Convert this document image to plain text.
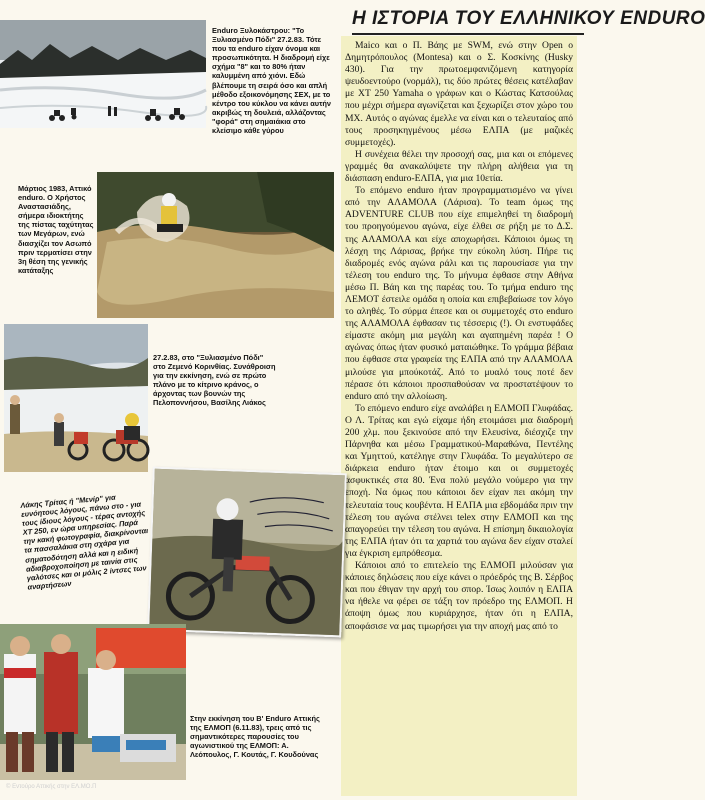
Η ΙΣΤΟΡΙΑ ΤΟΥ ΕΛΛΗΝΙΚΟΥ ENDURO

Maico και ο Π. Βάης με SWM, ενώ στην Open ο Δημητρόπουλος (Montesa) και ο Σ. Κοσκίνης (Husky 430). Για την πρωτοεμφανιζόμενη κατηγορία ψευδοεντούρο (νορμάλ), τις δύο πρώτες θέσεις κατέλαβαν με XT 250 Yamaha ο γράφων και ο Κώστας Κατσούλας που μέχρι σήμερα αγωνίζεται και ξεχωρίζει στον χώρο του MX. Αυτός ο αγώνας έμελλε να είναι και ο τελευταίος από τους προσηκηγμένους μέσω ΕΛΠΑ (με μαζικές συμμετοχές).

Η συνέχεια θέλει την προσοχή σας, μια και οι επόμενες γραμμές θα ανακαλύψετε την πλήρη αλήθεια για τη διάσπαση enduro-ΕΛΠΑ, για μια 10ετία.

Το επόμενο enduro ήταν προγραμματισμένο να γίνει από την ΑΛΑΜΟΛΑ (Λάρισα). Το team όμως της ADVENTURE CLUB που είχε επιμεληθεί τη διαδρομή του προηγούμενου αγώνα, είχε έλθει σε ρήξη με το Δ.Σ. της ΑΛΑΜΟΛΑ και είχε αποχωρήσει. Κάποιοι όμως τη λέσχη της Λάρισας, βρήκε την εύκολη λύση. Πήρε τις διαδρομές ενός αγώνα ράλι και τις παρουσίασε για την τέλεση του enduro της. Το μήνυμα έφθασε στην Αθήνα μέσω Π. Βάη και της παρέας του. Το τμήμα enduro της ΛΕΜΟΤ έστειλε ομάδα η οποία και επιβεβαίωσε τον λόγο το αληθές. Το σύρμα έπεσε και οι συμμετοχές στο enduro της ΑΛΑΜΟΛΑ έφθασαν τις τέσσερις (!). Οι ενστυφάδες είμαστε ακόμη μια μεγάλη και αγαπημένη παρέα ! Ο αγώνας όπως ήταν φυσικό ματαιώθηκε. Το γράμμα βέβαια που έφθασε στα γραφεία της ΕΛΠΑ από την ΑΛΑΜΟΛΑ μιλούσε για μπούκοτάζ. Από το μυαλό τους ποτέ δεν πέρασε ότι κάποιοι προσπαθούσαν να προστατέψουν το enduro από την αλλοίωση.

Το επόμενο enduro είχε αναλάβει η ΕΛΜΟΠ Γλυφάδας. Ο Λ. Τρίτας και εγώ είχαμε ήδη ετοιμάσει μια διαδρομή 200 χλμ. που ξεκινούσε από την Ελευσίνα, διέσχιζε την Πάρνηθα και μέσω Γραμματικού-Μαραθώνα, Πεντέλης και Υμηττού, κατέληγε στην Γλυφάδα. Το μεγαλύτερο σε διάρκεια enduro ήταν έτοιμο και οι συμμετοχές ασφυκτικές στα 80. Ένα πολύ μεγάλο νούμερο για την εποχή. Να όμως που κάποιοι δεν είχαν πει ακόμη την τελευταία τους κουβέντα. Η ΕΛΠΑ μια εβδομάδα πριν την τέλεση του αγώνα στέλνει telex στην ΕΛΜΟΠ και της απαγορεύει την τέλεση του αγώνα. Η επίσημη δικαιολογία της ΕΛΠΑ ήταν ότι τα χαρτιά του αγώνα δεν είχαν σταλεί για έγκριση εμπρόθεσμα.

Κάποιοι από το επιτελείο της ΕΛΜΟΠ μιλούσαν για κάποιες δηλώσεις που είχε κάνει ο πρόεδρός της Β. Σέρβος και που έθιγαν την αρχή του σπορ. Ίσως λοιπόν η ΕΛΠΑ να ήθελε να φέρει σε τάξη τον πρόεδρο της ΕΛΜΟΠ. Η άποψη όμως που κυριάρχησε, ήταν ότι η ΕΛΠΑ, αποφάσισε να μας τιμωρήσει για την αποχή μας από το

Enduro Ξυλοκάστρου: "Το Ξυλιασμένο Πόδι" 27.2.83. Τότε που τα enduro είχαν όνομα και προσωπικότητα. Η διαδρομή είχε σχήμα "8" και το 80% ήταν καλυμμένη από χιόνι. Εδώ βλέπουμε τη σειρά όσο και απλή μέθοδο εξοικονόμησης ΣΕΧ, με το κέντρο του κύκλου να κάνει αυτήν ακριβώς τη δουλειά, αλλάζοντας "φορά" στη σημαιάκια στο κλείσιμο κάθε γύρου
Μάρτιος 1983, Αττικό enduro. Ο Χρήστος Αναστασιάδης, σήμερα ιδιοκτήτης της πίστας ταχύτητας των Μεγάρων, ενώ διασχίζει τον Ασωπό πριν τερματίσει στην 3η θέση της γενικής κατάταξης
27.2.83, στο "Ξυλιασμένο Πόδι" στο Ζεμενό Κορινθίας. Συνάθροιση για την εκκίνηση, ενώ σε πρώτο πλάνο με το κίτρινο κράνος, ο άρχοντας των βουνών της Πελοποννήσου, Βασίλης Λιάκος
Λάκης Τρίτας ή "Μενίρ" για ευνόητους λόγους, πάνω στο - για τους ίδιους λόγους - τέρας αντοχής XT 250, εν ώρα υπηρεσίας. Παρά την κακή φωτογραφία, διακρίνονται τα πασσαλάκια στη σχάρα για σηματοδότηση αλλά και η ειδική αδιαβροχοποίηση με ταινία στις γαλότσες και οι μόλις 2 ίντσες των αναρτήσεων
Στην εκκίνηση του Β' Enduro Αττικής της ΕΛΜΟΠ (6.11.83), τρεις από τις σημαντικότερες παρουσίες του αγωνιστικού της ΕΛΜΟΠ: Α. Λεόπουλος, Γ. Κουτάς, Γ. Κουδούνας
© Εντούρο Αττικής στην ΕΛ.ΜΟ.Π
